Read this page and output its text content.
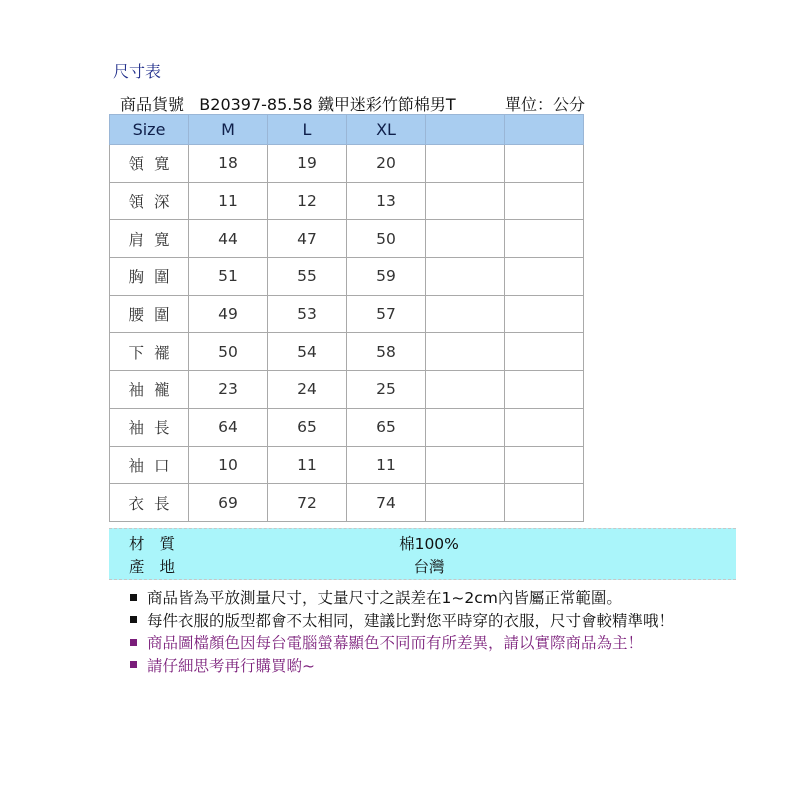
尺寸表
商品貨號 B20397-85.58 鐵甲迷彩竹節棉男T	單位：公分
Size	M	L	XL		
領寬	18	19	20		
領深	11	12	13		
肩寬	44	47	50		
胸圍	51	55	59		
腰圍	49	53	57		
下襬	50	54	58		
袖襱	23	24	25		
袖長	64	65	65		
袖口	10	11	11		
衣長	69	72	74		
材質	棉100%
產地	台灣
商品皆為平放測量尺寸，丈量尺寸之誤差在1~2cm內皆屬正常範圍。
每件衣服的版型都會不太相同，建議比對您平時穿的衣服，尺寸會較精準哦！
商品圖檔顏色因每台電腦螢幕顯色不同而有所差異，請以實際商品為主！
請仔細思考再行購買喲~
